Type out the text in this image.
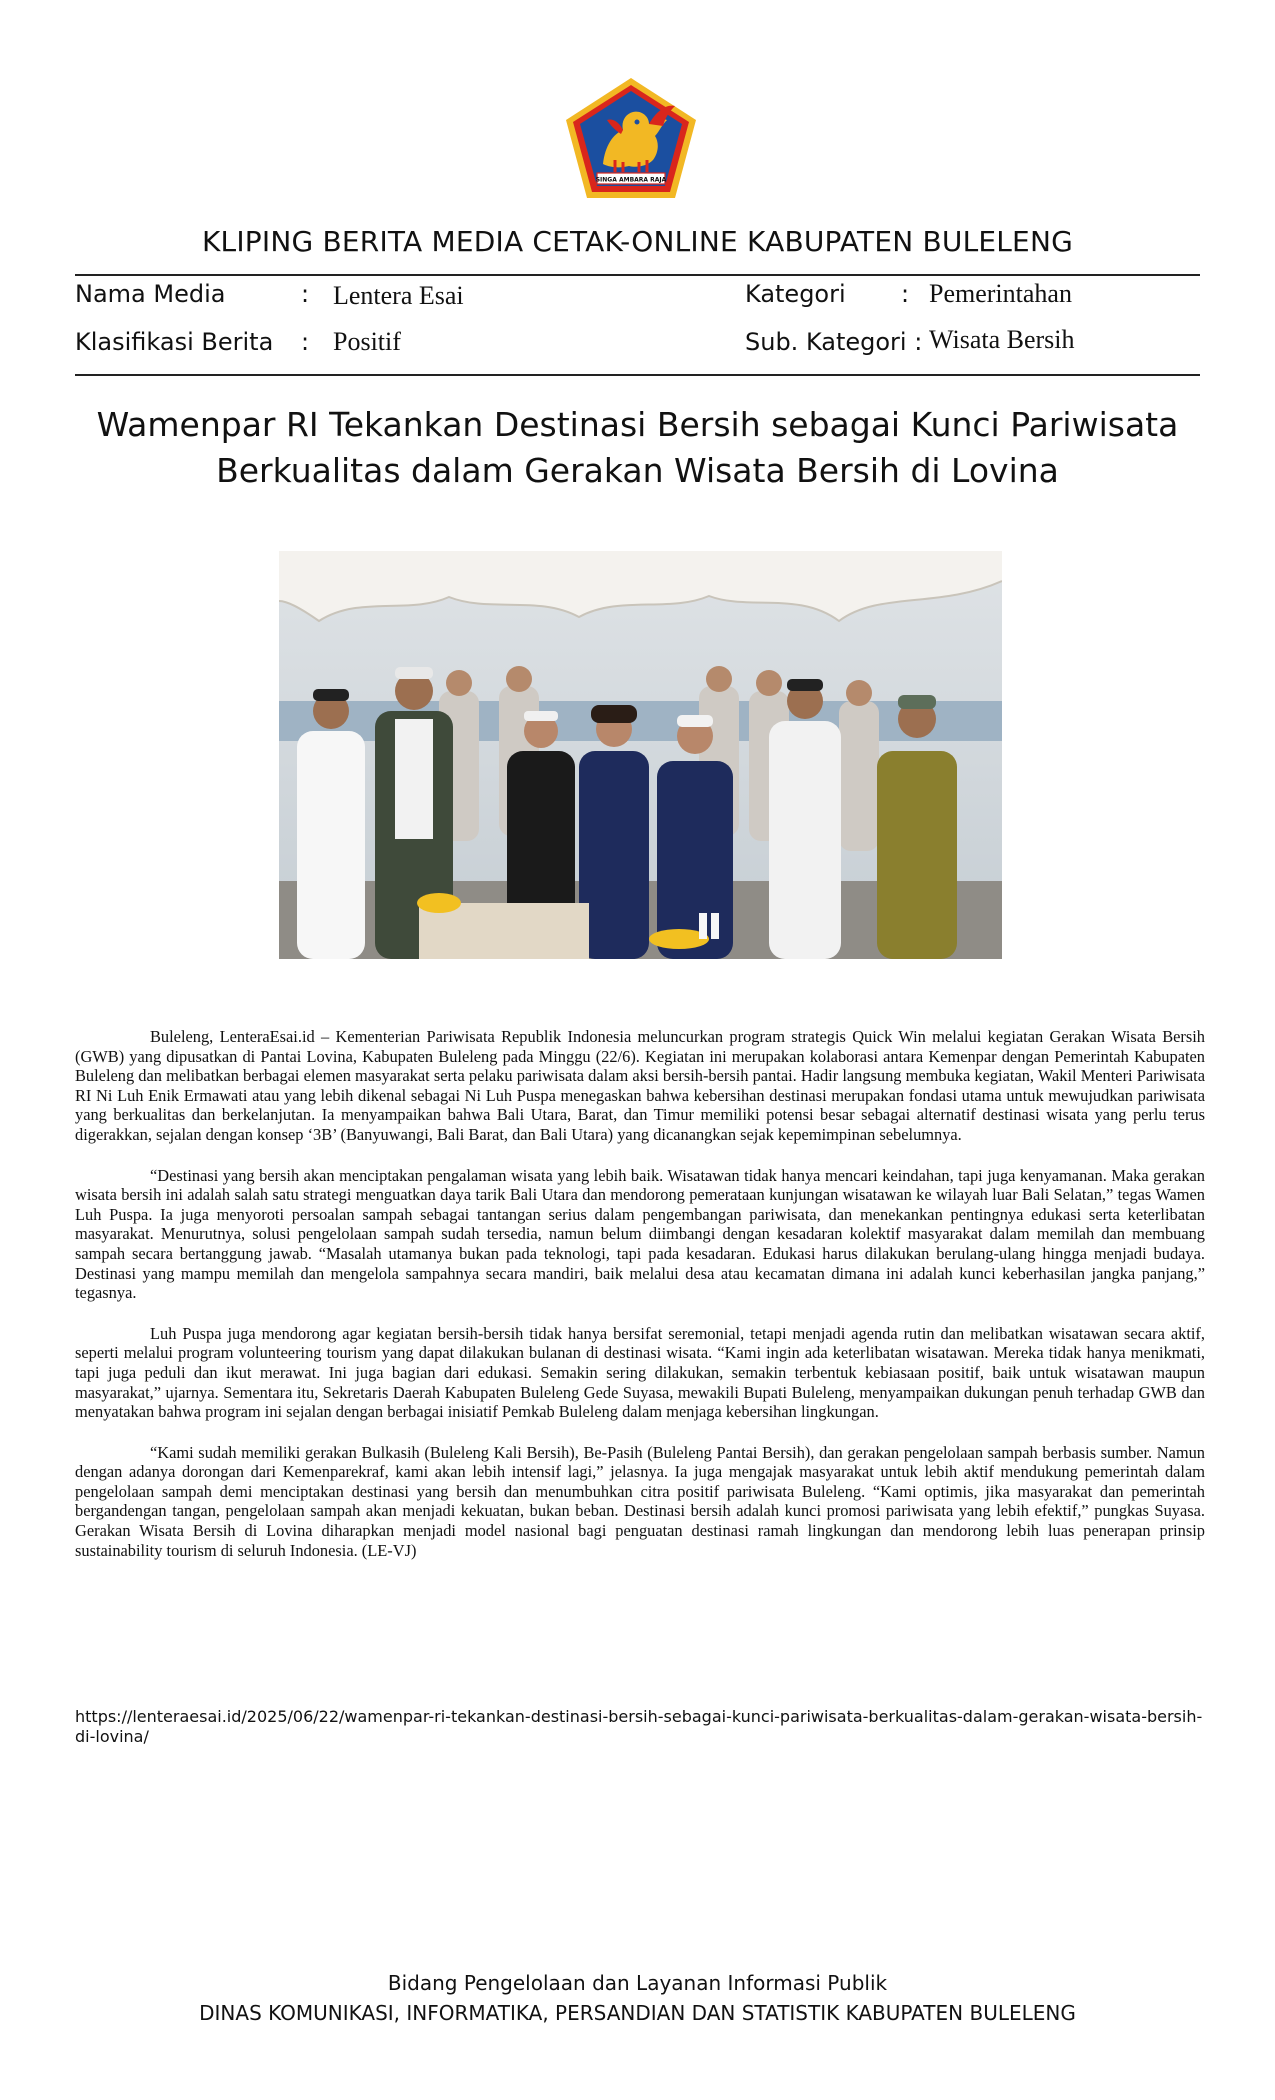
SINGA AMBARA RAJA
KLIPING BERITA MEDIA CETAK-ONLINE KABUPATEN BULELENG
Nama Media	: Lentera Esai	Kategori : Pemerintahan
Klasifikasi Berita : Positif	Sub. Kategori : Wisata Bersih
Wamenpar RI Tekankan Destinasi Bersih sebagai Kunci Pariwisata
Berkualitas dalam Gerakan Wisata Bersih di Lovina

Buleleng, LenteraEsai.id – Kementerian Pariwisata Republik Indonesia meluncurkan program strategis Quick Win melalui kegiatan Gerakan Wisata Bersih (GWB) yang dipusatkan di Pantai Lovina, Kabupaten Buleleng pada Minggu (22/6). Kegiatan ini merupakan kolaborasi antara Kemenpar dengan Pemerintah Kabupaten Buleleng dan melibatkan berbagai elemen masyarakat serta pelaku pariwisata dalam aksi bersih-bersih pantai. Hadir langsung membuka kegiatan, Wakil Menteri Pariwisata RI Ni Luh Enik Ermawati atau yang lebih dikenal sebagai Ni Luh Puspa menegaskan bahwa kebersihan destinasi merupakan fondasi utama untuk mewujudkan pariwisata yang berkualitas dan berkelanjutan. Ia menyampaikan bahwa Bali Utara, Barat, dan Timur memiliki potensi besar sebagai alternatif destinasi wisata yang perlu terus digerakkan, sejalan dengan konsep ‘3B’ (Banyuwangi, Bali Barat, dan Bali Utara) yang dicanangkan sejak kepemimpinan sebelumnya.

“Destinasi yang bersih akan menciptakan pengalaman wisata yang lebih baik. Wisatawan tidak hanya mencari keindahan, tapi juga kenyamanan. Maka gerakan wisata bersih ini adalah salah satu strategi menguatkan daya tarik Bali Utara dan mendorong pemerataan kunjungan wisatawan ke wilayah luar Bali Selatan,” tegas Wamen Luh Puspa. Ia juga menyoroti persoalan sampah sebagai tantangan serius dalam pengembangan pariwisata, dan menekankan pentingnya edukasi serta keterlibatan masyarakat. Menurutnya, solusi pengelolaan sampah sudah tersedia, namun belum diimbangi dengan kesadaran kolektif masyarakat dalam memilah dan membuang sampah secara bertanggung jawab. “Masalah utamanya bukan pada teknologi, tapi pada kesadaran. Edukasi harus dilakukan berulang-ulang hingga menjadi budaya. Destinasi yang mampu memilah dan mengelola sampahnya secara mandiri, baik melalui desa atau kecamatan dimana ini adalah kunci keberhasilan jangka panjang,” tegasnya.

Luh Puspa juga mendorong agar kegiatan bersih-bersih tidak hanya bersifat seremonial, tetapi menjadi agenda rutin dan melibatkan wisatawan secara aktif, seperti melalui program volunteering tourism yang dapat dilakukan bulanan di destinasi wisata. “Kami ingin ada keterlibatan wisatawan. Mereka tidak hanya menikmati, tapi juga peduli dan ikut merawat. Ini juga bagian dari edukasi. Semakin sering dilakukan, semakin terbentuk kebiasaan positif, baik untuk wisatawan maupun masyarakat,” ujarnya. Sementara itu, Sekretaris Daerah Kabupaten Buleleng Gede Suyasa, mewakili Bupati Buleleng, menyampaikan dukungan penuh terhadap GWB dan menyatakan bahwa program ini sejalan dengan berbagai inisiatif Pemkab Buleleng dalam menjaga kebersihan lingkungan.

“Kami sudah memiliki gerakan Bulkasih (Buleleng Kali Bersih), Be-Pasih (Buleleng Pantai Bersih), dan gerakan pengelolaan sampah berbasis sumber. Namun dengan adanya dorongan dari Kemenparekraf, kami akan lebih intensif lagi,” jelasnya. Ia juga mengajak masyarakat untuk lebih aktif mendukung pemerintah dalam pengelolaan sampah demi menciptakan destinasi yang bersih dan menumbuhkan citra positif pariwisata Buleleng. “Kami optimis, jika masyarakat dan pemerintah bergandengan tangan, pengelolaan sampah akan menjadi kekuatan, bukan beban. Destinasi bersih adalah kunci promosi pariwisata yang lebih efektif,” pungkas Suyasa. Gerakan Wisata Bersih di Lovina diharapkan menjadi model nasional bagi penguatan destinasi ramah lingkungan dan mendorong lebih luas penerapan prinsip sustainability tourism di seluruh Indonesia. (LE-VJ)

https://lenteraesai.id/2025/06/22/wamenpar-ri-tekankan-destinasi-bersih-sebagai-kunci-pariwisata-berkualitas-dalam-gerakan-wisata-bersih-di-lovina/
Bidang Pengelolaan dan Layanan Informasi Publik
DINAS KOMUNIKASI, INFORMATIKA, PERSANDIAN DAN STATISTIK KABUPATEN BULELENG
